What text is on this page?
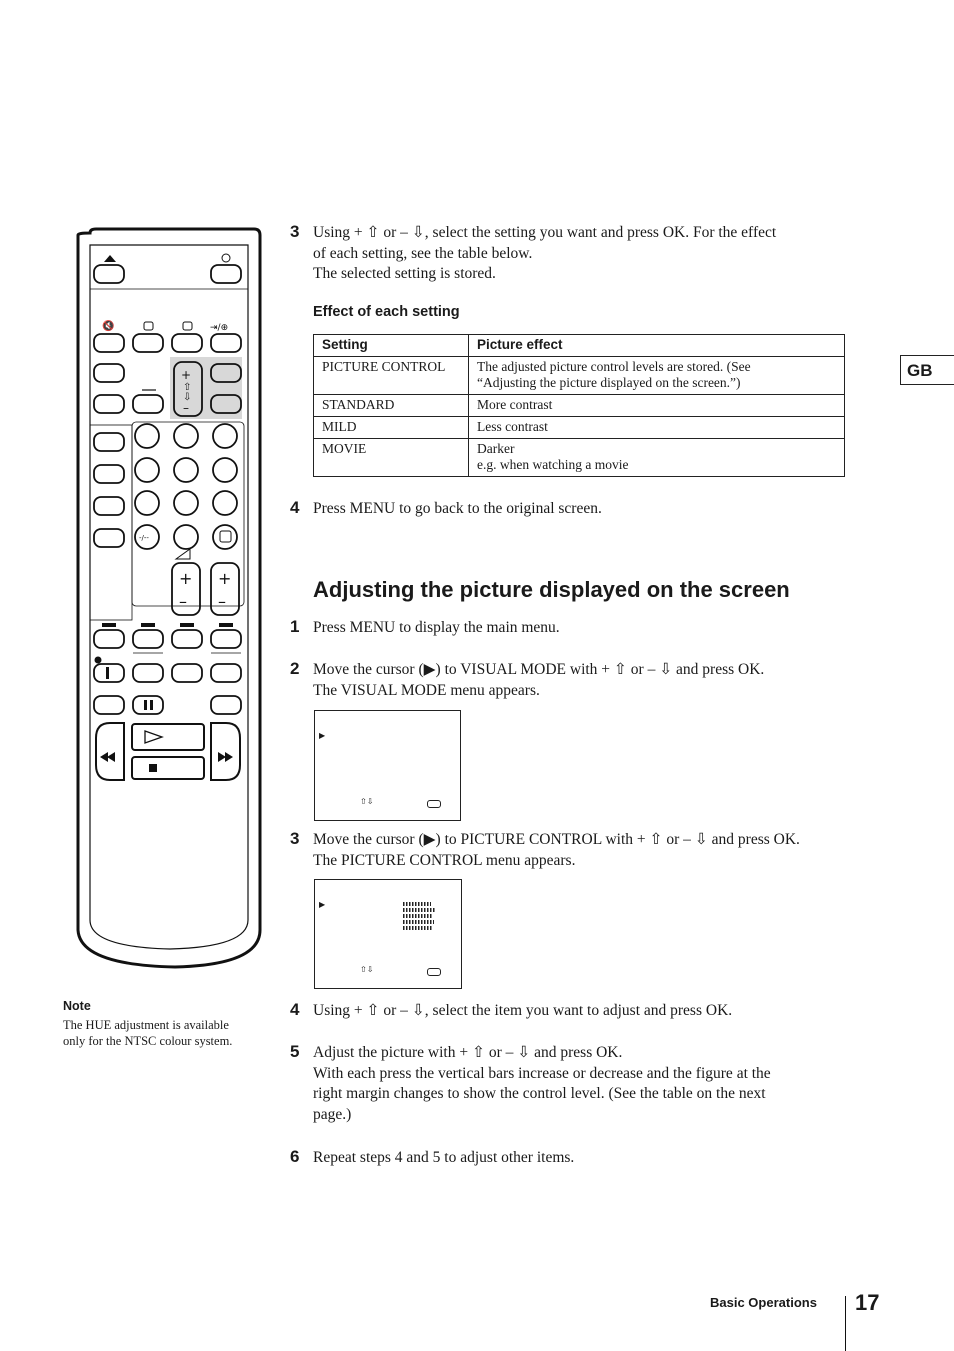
GB
🔇	⇥/⊕
+
⇧
⇩
–
-/--
+
–
+
–
3 Using + ⇧ or – ⇩, select the setting you want and press OK. For the effect
of each setting, see the table below.
The selected setting is stored.
Effect of each setting
Setting	Picture effect
PICTURE CONTROL	The adjusted picture control levels are stored. (See
“Adjusting the picture displayed on the screen.”)

STANDARD	More contrast

MILD	Less contrast

MOVIE	Darker
e.g. when watching a movie
4 Press MENU to go back to the original screen.
Adjusting the picture displayed on the screen
1 Press MENU to display the main menu.
2 Move the cursor (▶) to VISUAL MODE with + ⇧ or – ⇩ and press OK.
The VISUAL MODE menu appears.
▶
⇧⇩
3 Move the cursor (▶) to PICTURE CONTROL with + ⇧ or – ⇩ and press OK.
The PICTURE CONTROL menu appears.
▶
⇧⇩
4 Using + ⇧ or – ⇩, select the item you want to adjust and press OK.
5 Adjust the picture with + ⇧ or – ⇩ and press OK.
With each press the vertical bars increase or decrease and the figure at the
right margin changes to show the control level. (See the table on the next
page.)
6 Repeat steps 4 and 5 to adjust other items.
Note
The HUE adjustment is available
only for the NTSC colour system.
Basic Operations 17
